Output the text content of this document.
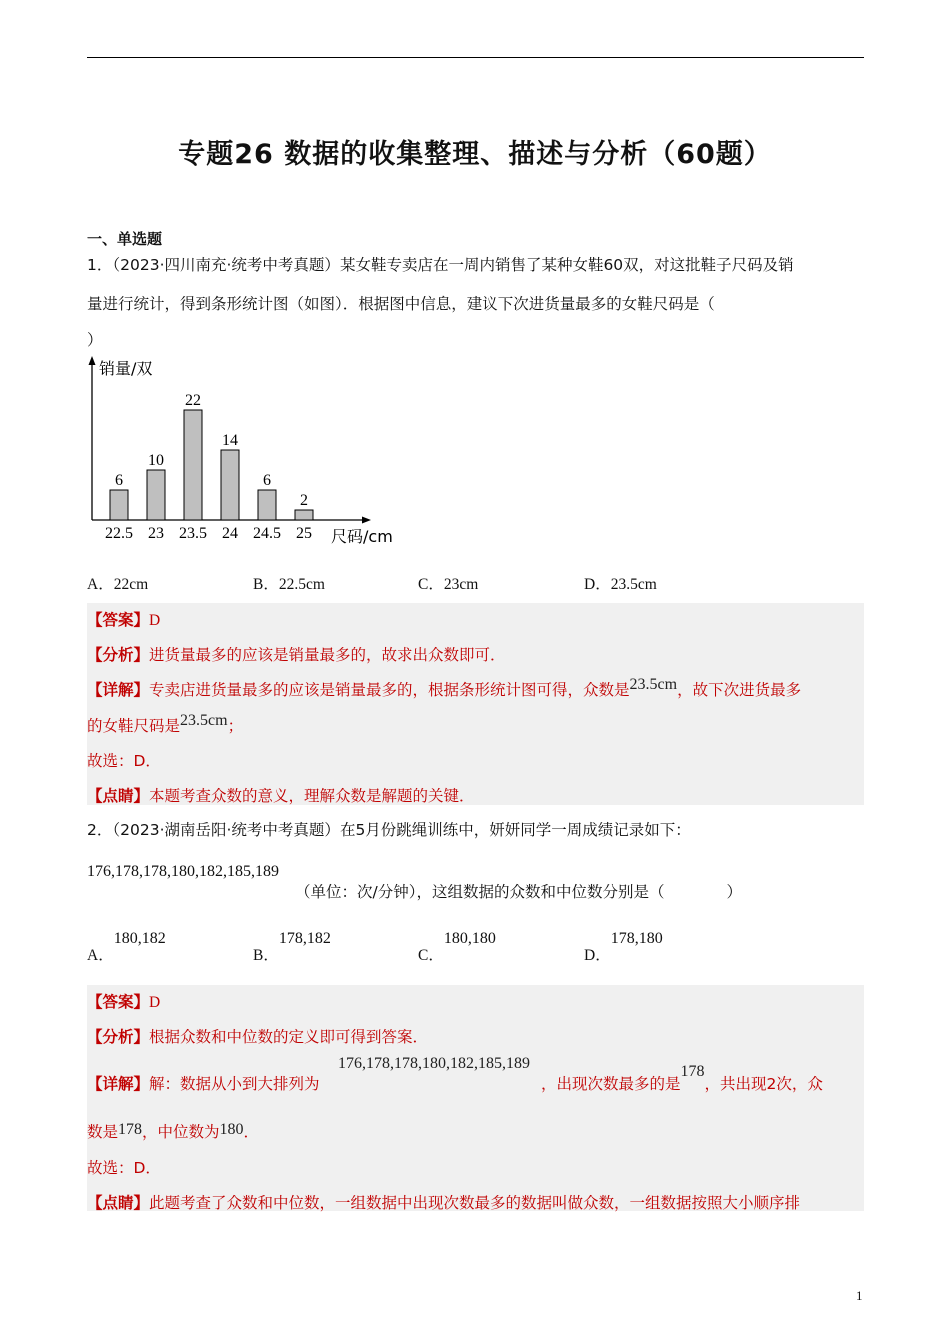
专题26 数据的收集整理、描述与分析（60题）
一、单选题
1．（2023·四川南充·统考中考真题）某女鞋专卖店在一周内销售了某种女鞋60双，对这批鞋子尺码及销
量进行统计，得到条形统计图（如图）．根据图中信息，建议下次进货量最多的女鞋尺码是（
）
销量/双
尺码/cm
6
22.5
10
23
22
23.5
14
24
6
24.5
2
25
A．22cm	B．22.5cm	C．23cm	D．23.5cm
【答案】D
【分析】进货量最多的应该是销量最多的，故求出众数即可．
【详解】专卖店进货量最多的应该是销量最多的，根据条形统计图可得，众数是23.5cm，故下次进货最多
的女鞋尺码是23.5cm；
故选：D．
【点睛】本题考查众数的意义，理解众数是解题的关键．
2．（2023·湖南岳阳·统考中考真题）在5月份跳绳训练中，妍妍同学一周成绩记录如下：
176,178,178,180,182,185,189
（单位：次/分钟），这组数据的众数和中位数分别是（　　　　）
A．180,182
B．178,182
C．180,180
D．178,180
【答案】D
【分析】根据众数和中位数的定义即可得到答案．
176,178,178,180,182,185,189
【详解】解：数据从小到大排列为	，出现次数最多的是178，共出现2次，众
数是178，中位数为180．
故选：D．
【点睛】此题考查了众数和中位数，一组数据中出现次数最多的数据叫做众数，一组数据按照大小顺序排
1
